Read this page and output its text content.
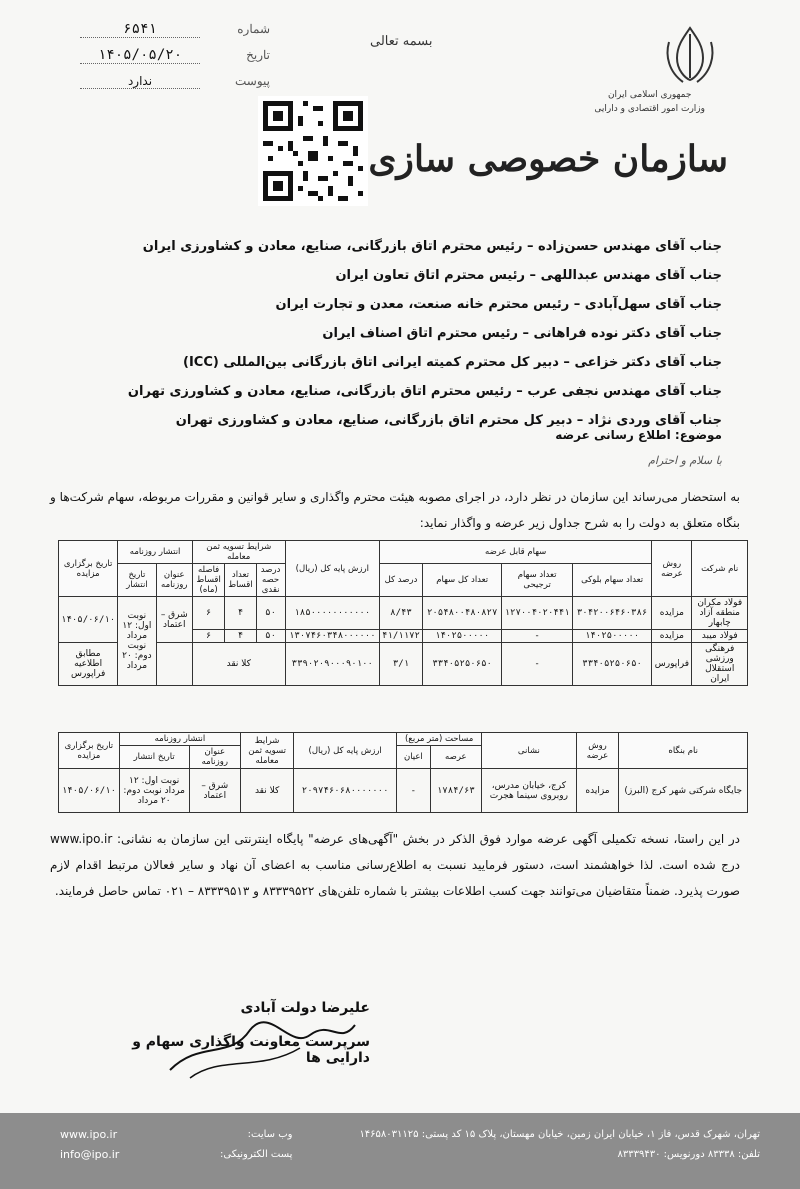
شماره
۶۵۴۱
تاریخ
۱۴۰۵/۰۵/۲۰
پیوست
ندارد
بسمه تعالی
جمهوری اسلامی ایران
وزارت امور اقتصادی و دارایی
سازمان خصوصی سازی
جناب آقای مهندس حسن‌زاده – رئیس محترم اتاق بازرگانی، صنایع، معادن و کشاورزی ایران
جناب آقای مهندس عبداللهی – رئیس محترم اتاق تعاون ایران
جناب آقای سهل‌آبادی – رئیس محترم خانه صنعت، معدن و تجارت ایران
جناب آقای دکتر نوده فراهانی – رئیس محترم اتاق اصناف ایران
جناب آقای دکتر خزاعی – دبیر کل محترم کمیته ایرانی اتاق بازرگانی بین‌المللی (ICC)
جناب آقای مهندس نجفی عرب – رئیس محترم اتاق بازرگانی، صنایع، معادن و کشاورزی تهران
جناب آقای وردی نژاد – دبیر کل محترم اتاق بازرگانی، صنایع، معادن و کشاورزی تهران
موضوع: اطلاع رسانی عرضه
با سلام و احترام
به استحضار می‌رساند این سازمان در نظر دارد، در اجرای مصوبه هیئت محترم واگذاری و سایر قوانین و مقررات مربوطه، سهام شرکت‌ها و بنگاه متعلق به دولت را به شرح جداول زیر عرضه و واگذار نماید:
نام شرکت	روش عرضه	سهام قابل عرضه				ارزش پایه کل (ریال)	شرایط تسویه ثمن معامله			انتشار روزنامه		تاریخ برگزاری مزایده
		تعداد سهام بلوکی	تعداد سهام ترجیحی	تعداد کل سهام	درصد کل		درصد حصه نقدی	تعداد اقساط	فاصله اقساط (ماه)	عنوان روزنامه	تاریخ انتشار	
فولاد مکران منطقه آزاد چابهار	مزایده	۳۰۴۲۰۰۶۴۶۰۳۸۶	۱۲۷۰۰۴۰۲۰۴۴۱	۲۰۵۴۸۰۰۴۸۰۸۲۷	۸/۴۳	۱۸۵۰۰۰۰۰۰۰۰۰۰۰	۵۰	۴	۶	شرق – اعتماد	نوبت اول: ۱۲ مرداد نوبت دوم: ۲۰ مرداد	۱۴۰۵/۰۶/۱۰
فولاد میبد	مزایده	۱۴۰۲۵۰۰۰۰۰	-	۱۴۰۲۵۰۰۰۰۰	۴۱/۱۱۷۲	۱۳۰۷۴۶۰۳۴۸۰۰۰۰۰۰	۵۰	۴	۶			
فرهنگی ورزشی استقلال ایران	فراپورس	۳۳۴۰۵۲۵۰۶۵۰	-	۳۳۴۰۵۲۵۰۶۵۰	۳/۱	۳۳۹۰۲۰۹۰۰۰۹۰۱۰۰	کلا نقد					مطابق اطلاعیه فراپورس
نام بنگاه	روش عرضه	نشانی	مساحت (متر مربع)		ارزش پایه کل (ریال)	شرایط تسویه ثمن معامله	انتشار روزنامه		تاریخ برگزاری مزایده
			عرصه	اعیان			عنوان روزنامه	تاریخ انتشار	
جایگاه شرکتی شهر کرج (البرز)	مزایده	کرج، خیابان مدرس، روبروی سینما هجرت	۱۷۸۴/۶۳	-	۲۰۹۷۴۶۰۶۸۰۰۰۰۰۰۰	کلا نقد	شرق – اعتماد	نوبت اول: ۱۲ مرداد نوبت دوم: ۲۰ مرداد	۱۴۰۵/۰۶/۱۰
در این راستا، نسخه تکمیلی آگهی عرضه موارد فوق الذکر در بخش "آگهی‌های عرضه" پایگاه اینترنتی این سازمان به نشانی: www.ipo.ir درج شده است. لذا خواهشمند است، دستور فرمایید نسبت به اطلاع‌رسانی مناسب به اعضای آن نهاد و سایر فعالان مرتبط اقدام لازم صورت پذیرد. ضمناً متقاضیان می‌توانند جهت کسب اطلاعات بیشتر با شماره تلفن‌های ۸۳۳۳۹۵۲۲ و ۸۳۳۳۹۵۱۳ – ۰۲۱ تماس حاصل فرمایند.
علیرضا دولت آبادی
سرپرست معاونت واگذاری سهام و دارایی ها
تهران، شهرک قدس، فاز ۱، خیابان ایران زمین، خیابان مهستان، پلاک ۱۵ کد پستی: ۱۴۶۵۸۰۳۱۱۲۵
تلفن: ۸۳۳۳۸ دورنویس: ۸۳۳۳۹۴۳۰
وب سایت:
پست الکترونیکی:
www.ipo.ir
info@ipo.ir
